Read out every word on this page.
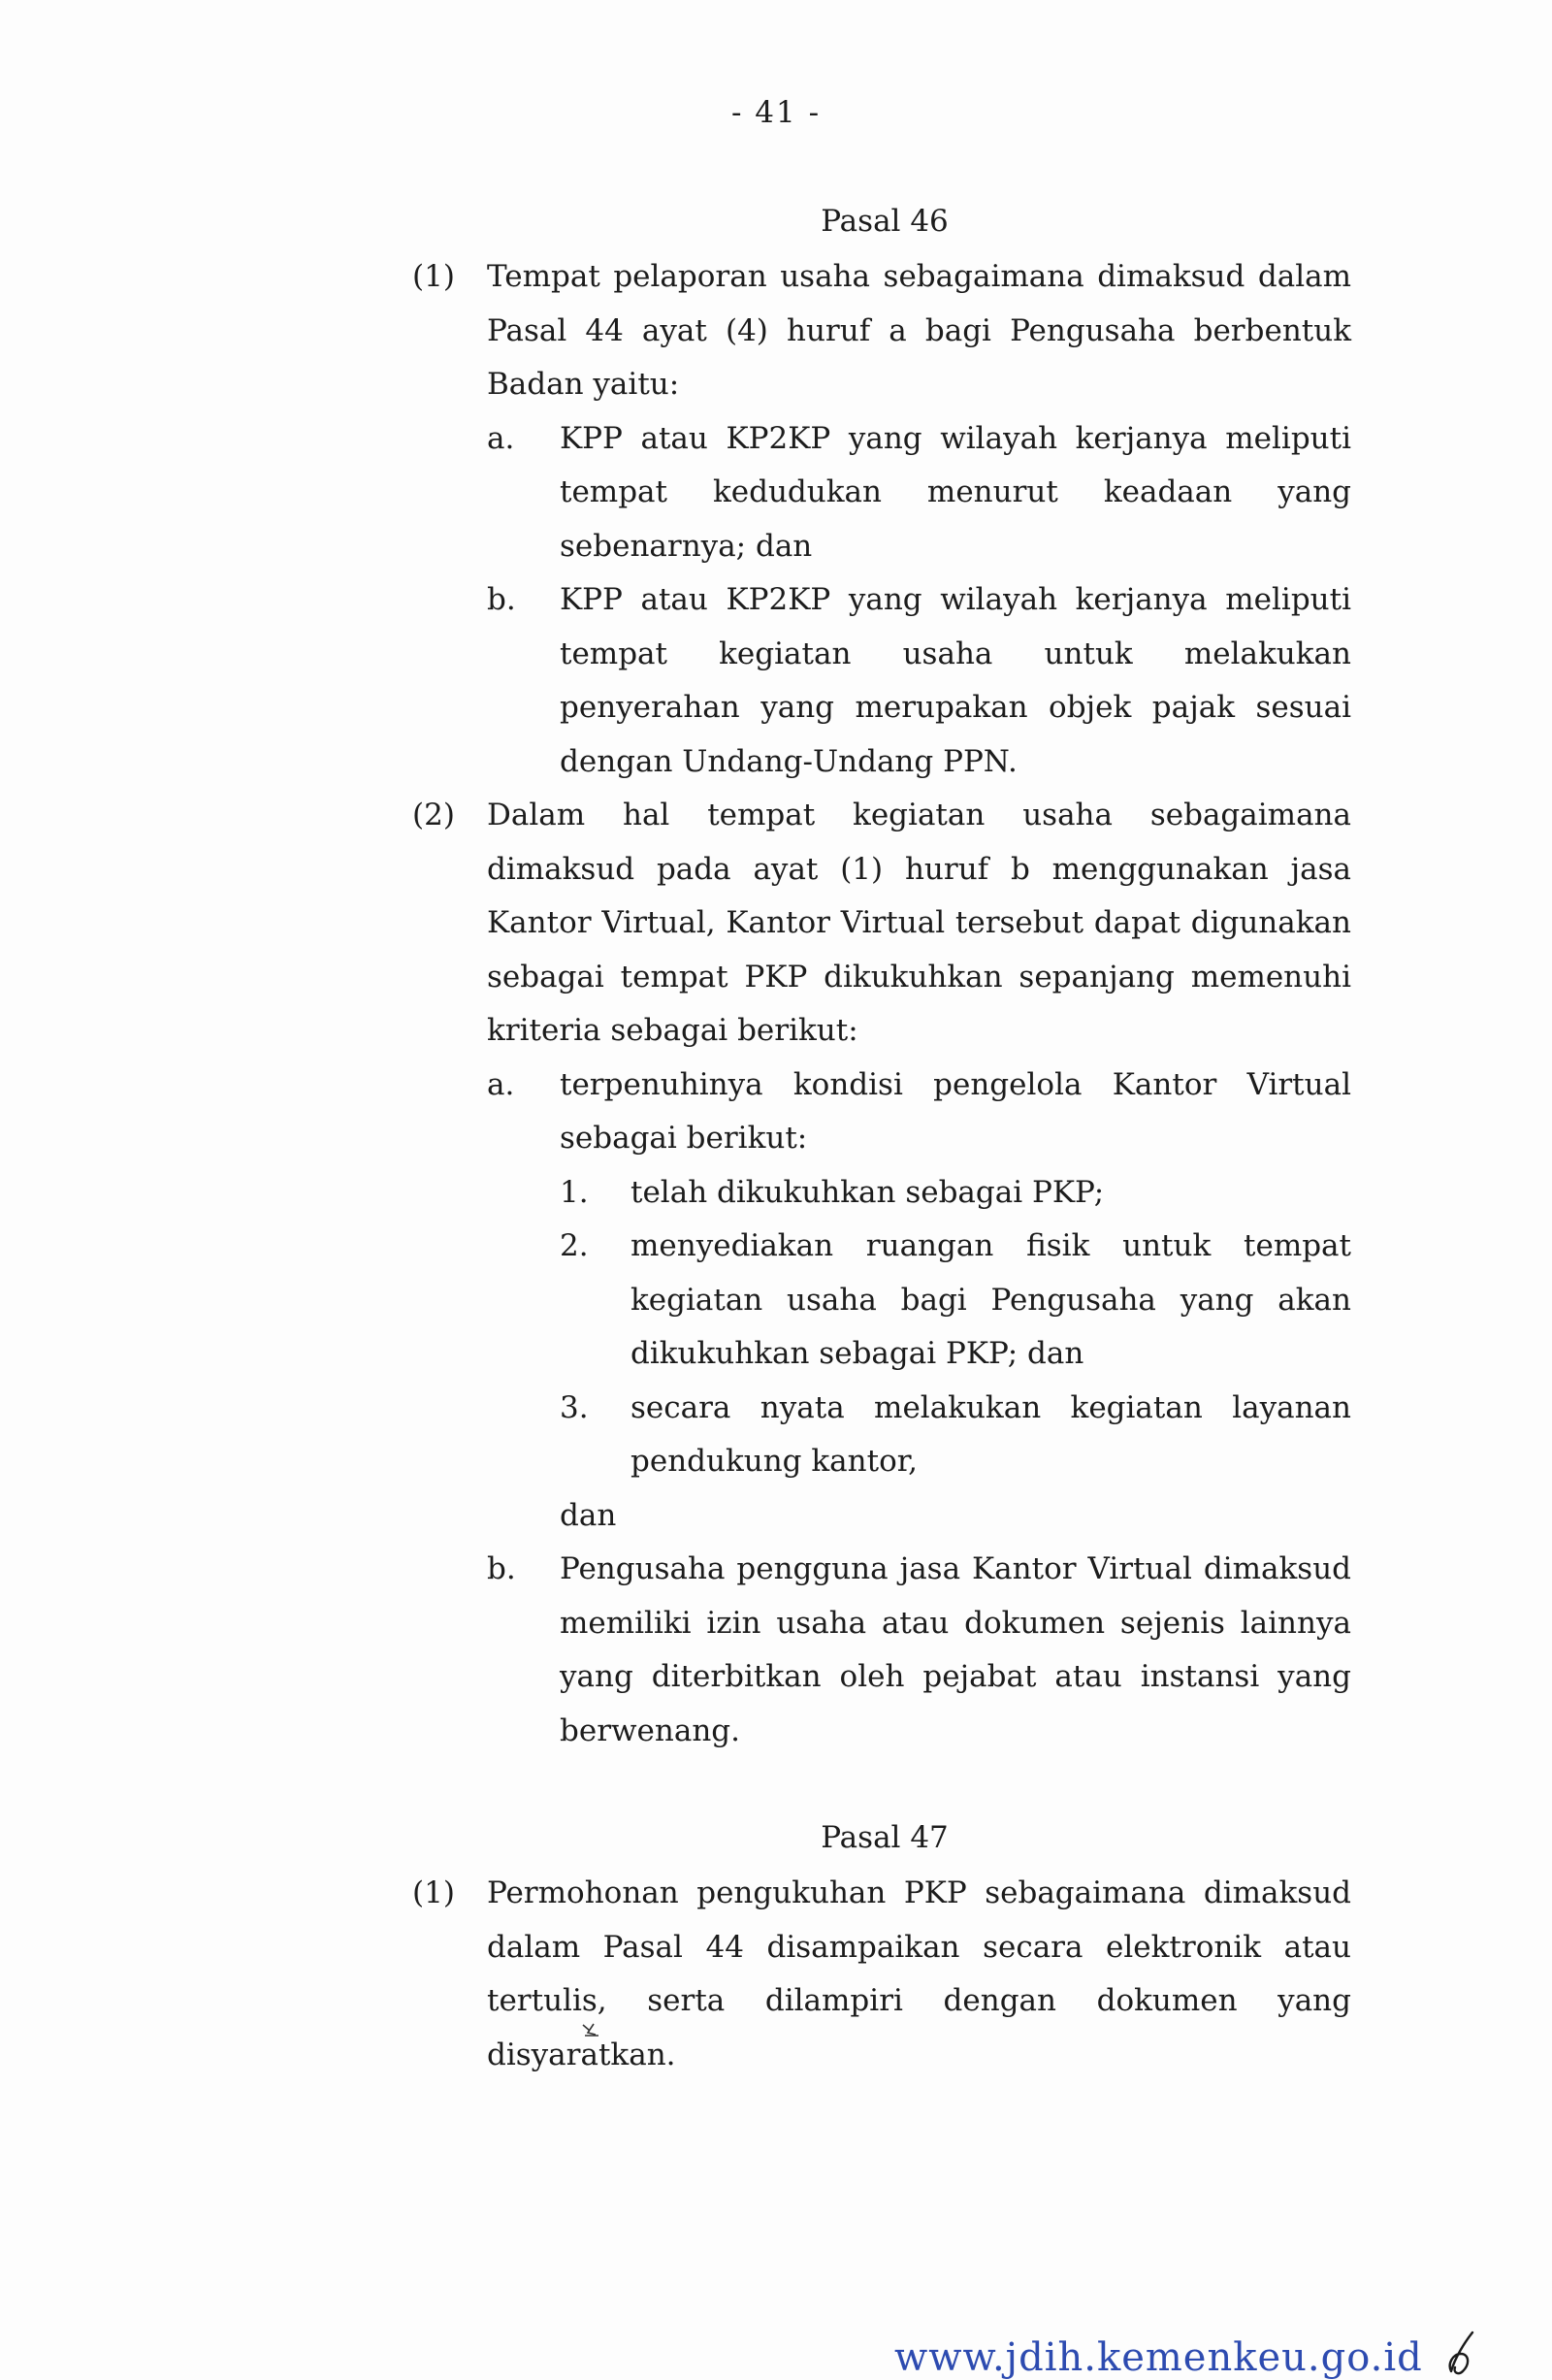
- 41 -
Pasal 46
(1) Tempat pelaporan usaha sebagaimana dimaksud dalam
Pasal 44 ayat (4) huruf a bagi Pengusaha berbentuk
Badan yaitu:
a. KPP atau KP2KP yang wilayah kerjanya meliputi
tempat kedudukan menurut keadaan yang
sebenarnya; dan
b. KPP atau KP2KP yang wilayah kerjanya meliputi
tempat kegiatan usaha untuk melakukan
penyerahan yang merupakan objek pajak sesuai
dengan Undang-Undang PPN.
(2) Dalam hal tempat kegiatan usaha sebagaimana
dimaksud pada ayat (1) huruf b menggunakan jasa
Kantor Virtual, Kantor Virtual tersebut dapat digunakan
sebagai tempat PKP dikukuhkan sepanjang memenuhi
kriteria sebagai berikut:
a. terpenuhinya kondisi pengelola Kantor Virtual
sebagai berikut:
1. telah dikukuhkan sebagai PKP;
2. menyediakan ruangan fisik untuk tempat
kegiatan usaha bagi Pengusaha yang akan
dikukuhkan sebagai PKP; dan
3. secara nyata melakukan kegiatan layanan
pendukung kantor,
dan
b. Pengusaha pengguna jasa Kantor Virtual dimaksud
memiliki izin usaha atau dokumen sejenis lainnya
yang diterbitkan oleh pejabat atau instansi yang
berwenang.
Pasal 47
(1) Permohonan pengukuhan PKP sebagaimana dimaksud
dalam Pasal 44 disampaikan secara elektronik atau
tertulis, serta dilampiri dengan dokumen yang
disyaratkan.
www.jdih.kemenkeu.go.id
